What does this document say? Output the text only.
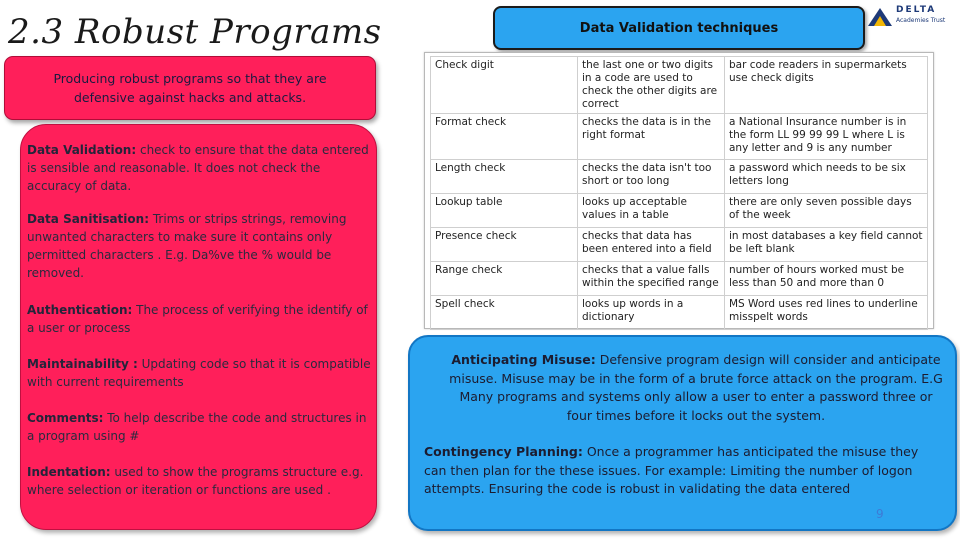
2.3 Robust Programs	Data Validation techniques
DELTA
Academies Trust
Producing robust programs so that they are defensive against hacks and attacks.
Data Validation: check to ensure that the data entered is sensible and reasonable. It does not check the accuracy of data.
Data Sanitisation: Trims or strips strings, removing unwanted characters to make sure it contains only permitted characters . E.g. Da%ve the % would be removed.
Authentication: The process of verifying the identify of a user or process
Maintainability : Updating code so that it is compatible with current requirements
Comments: To help describe the code and structures in a program using #
Indentation: used to show the programs structure e.g. where selection or iteration or functions are used .
Check digit	the last one or two digits in a code are used to check the other digits are correct	bar code readers in supermarkets use check digits
Format check	checks the data is in the right format	a National Insurance number is in the form LL 99 99 99 L where L is any letter and 9 is any number
Length check	checks the data isn't too short or too long	a password which needs to be six letters long
Lookup table	looks up acceptable values in a table	there are only seven possible days of the week
Presence check	checks that data has been entered into a field	in most databases a key field cannot be left blank
Range check	checks that a value falls within the specified range	number of hours worked must be less than 50 and more than 0
Spell check	looks up words in a dictionary	MS Word uses red lines to underline misspelt words
Anticipating Misuse: Defensive program design will consider and anticipate misuse. Misuse may be in the form of a brute force attack on the program. E.G Many programs and systems only allow a user to enter a password three or four times before it locks out the system.
Contingency Planning: Once a programmer has anticipated the misuse they can then plan for the these issues. For example: Limiting the number of logon attempts. Ensuring the code is robust in validating the data entered
9
